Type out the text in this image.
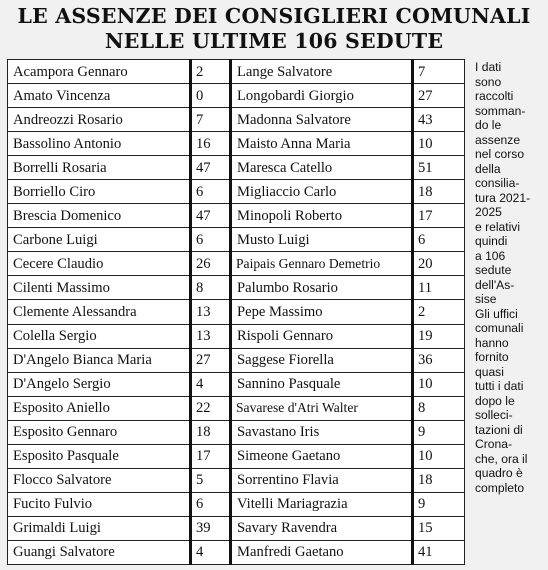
LE ASSENZE DEI CONSIGLIERI COMUNALI
NELLE ULTIME 106 SEDUTE
Acampora Gennaro	2	Lange Salvatore	7
Amato Vincenza	0	Longobardi Giorgio	27
Andreozzi Rosario	7	Madonna Salvatore	43
Bassolino Antonio	16	Maisto Anna Maria	10
Borrelli Rosaria	47	Maresca Catello	51
Borriello Ciro	6	Migliaccio Carlo	18
Brescia Domenico	47	Minopoli Roberto	17
Carbone Luigi	6	Musto Luigi	6
Cecere Claudio	26	Paipais Gennaro Demetrio	20
Cilenti Massimo	8	Palumbo Rosario	11
Clemente Alessandra	13	Pepe Massimo	2
Colella Sergio	13	Rispoli Gennaro	19
D'Angelo Bianca Maria	27	Saggese Fiorella	36
D'Angelo Sergio	4	Sannino Pasquale	10
Esposito Aniello	22	Savarese d'Atri Walter	8
Esposito Gennaro	18	Savastano Iris	9
Esposito Pasquale	17	Simeone Gaetano	10
Flocco Salvatore	5	Sorrentino Flavia	18
Fucito Fulvio	6	Vitelli Mariagrazia	9
Grimaldi Luigi	39	Savary Ravendra	15
Guangi Salvatore	4	Manfredi Gaetano	41
I dati
sono
raccolti
somman-
do le
assenze
nel corso
della
consilia-
tura 2021-
2025
e relativi
quindi
a 106
sedute
dell'As-
sise
Gli uffici
comunali
hanno
fornito
quasi
tutti i dati
dopo le
solleci-
tazioni di
Crona-
che, ora il
quadro è
completo
